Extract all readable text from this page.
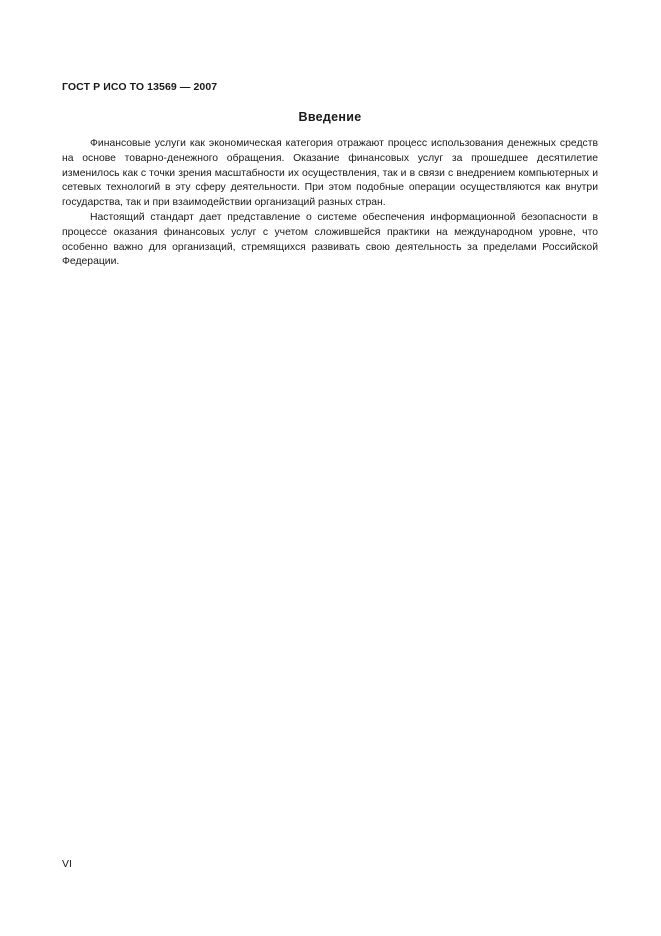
ГОСТ Р ИСО ТО 13569 — 2007
Введение

Финансовые услуги как экономическая категория отражают процесс использования денежных средств на основе товарно-денежного обращения. Оказание финансовых услуг за прошедшее десятилетие изменилось как с точки зрения масштабности их осуществления, так и в связи с внедрением компьютерных и сетевых технологий в эту сферу деятельности. При этом подобные операции осуществляются как внутри государства, так и при взаимодействии организаций разных стран.

Настоящий стандарт дает представление о системе обеспечения информационной безопасности в процессе оказания финансовых услуг с учетом сложившейся практики на международном уровне, что особенно важно для организаций, стремящихся развивать свою деятельность за пределами Российской Федерации.

VI
